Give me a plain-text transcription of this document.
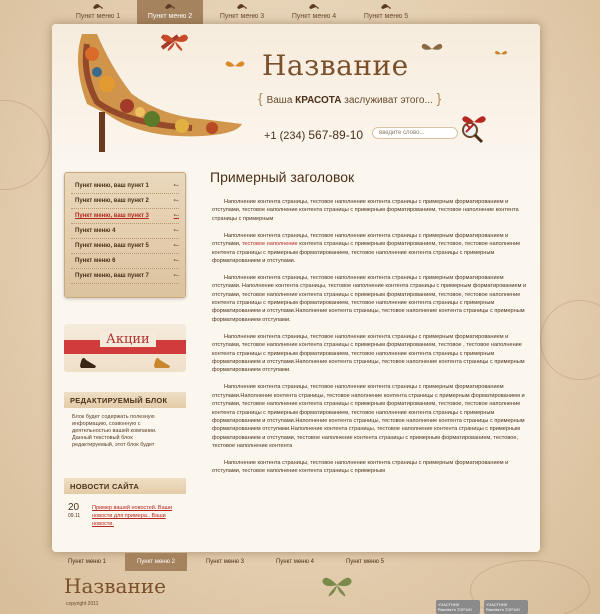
Пункт меню 1	Пункт меню 2	Пункт меню 3	Пункт меню 4	Пункт меню 5
Название
{ Ваша КРАСОТА заслуживат этого... }
+1 (234) 567-89-10	введите слово...
Пункт меню, ваш пункт 1	•–
Пункт меню, ваш пункт 2	•–
Пункт меню, ваш пункт 3	•–
Пункт меню 4	•–
Пункт меню, ваш пункт 5	•–
Пункт меню 6	•–
Пункт меню, ваш пункт 7	•–
Акции
РЕДАКТИРУЕМЫЙ БЛОК
Блок будет содержать полезную информацию, созвонную с деятельностью вашей компании. Данный текстовый блок редактируемый, этот блок будет
НОВОСТИ САЙТА
20
09.11
Пример вашей новостей. Ваши новости для примера.. Ваши новости.
Примерный заголовок

Наполнение контента страницы, тестовое наполнение контента страницы с примерным форматированием и отступами, тестовое наполнение контента страницы с примерным форматированием, тестовое наполнение контента страницы с примерным

Наполнение контента страницы, тестовое наполнение контента страницы с примерным форматированием и отступами, тестовое наполнение контента страницы с примерным форматированием, тестовое, тестовое наполнение контента страницы с примерным форматированием, тестовое наполнение контента страницы с примерным форматированием и отступами.

Наполнение контента страницы, тестовое наполнение контента страницы с примерным форматированием отступами. Наполнение контента страницы, тестовое наполнение контента страницы с примерным форматированием и отступами, тестовое наполнение контента страницы с примерным форматированием, тестовое, тестовое наполнение контента страницы с примерным форматированием, тестовое наполнение контента страницы с примерным форматированием и отступами.Наполнение контента страницы, тестовое наполнение контента страницы с примерным форматированием отступами.

Наполнение контента страницы, тестовое наполнение контента страницы с примерным форматированием и отступами, тестовое наполнение контента страницы с примерным форматированием, тестовое , тестовое наполнение контента страницы с примерным форматированием, тестовое наполнение контента страницы с примерным форматированием и отступами.Наполнение контента страницы, тестовое наполнение контента страницы с примерным форматированием отступами.

Наполнение контента страницы, тестовое наполнение контента страницы с примерным форматированием отступами.Наполнение контента страницы, тестовое наполнение контента страницы с примерным форматированием и отступами, тестовое наполнение контента страницы с примерным форматированием, тестовое, тестовое наполнение контента страницы с примерным форматированием, тестовое наполнение контента страницы с примерным форматированием и отступами.Наполнение контента страницы, тестовое наполнение контента страницы с примерным форматированием отступами.Наполнение контента страницы, тестовое наполнение контента страницы с примерным форматированием и отступами, тестовое наполнение контента страницы с примерным форматированием, тестовое, тестовое наполнение контента

Наполнение контента страницы, тестовое наполнение контента страницы с примерным форматированием и отступами, тестовое наполнение контента страницы с примерным

Пункт меню 1	Пункт меню 2	Пункт меню 3	Пункт меню 4	Пункт меню 5
Название
copyright 2011	УЧАСТНИК Rambler's TOP100
УЧАСТНИК Rambler's TOP100
